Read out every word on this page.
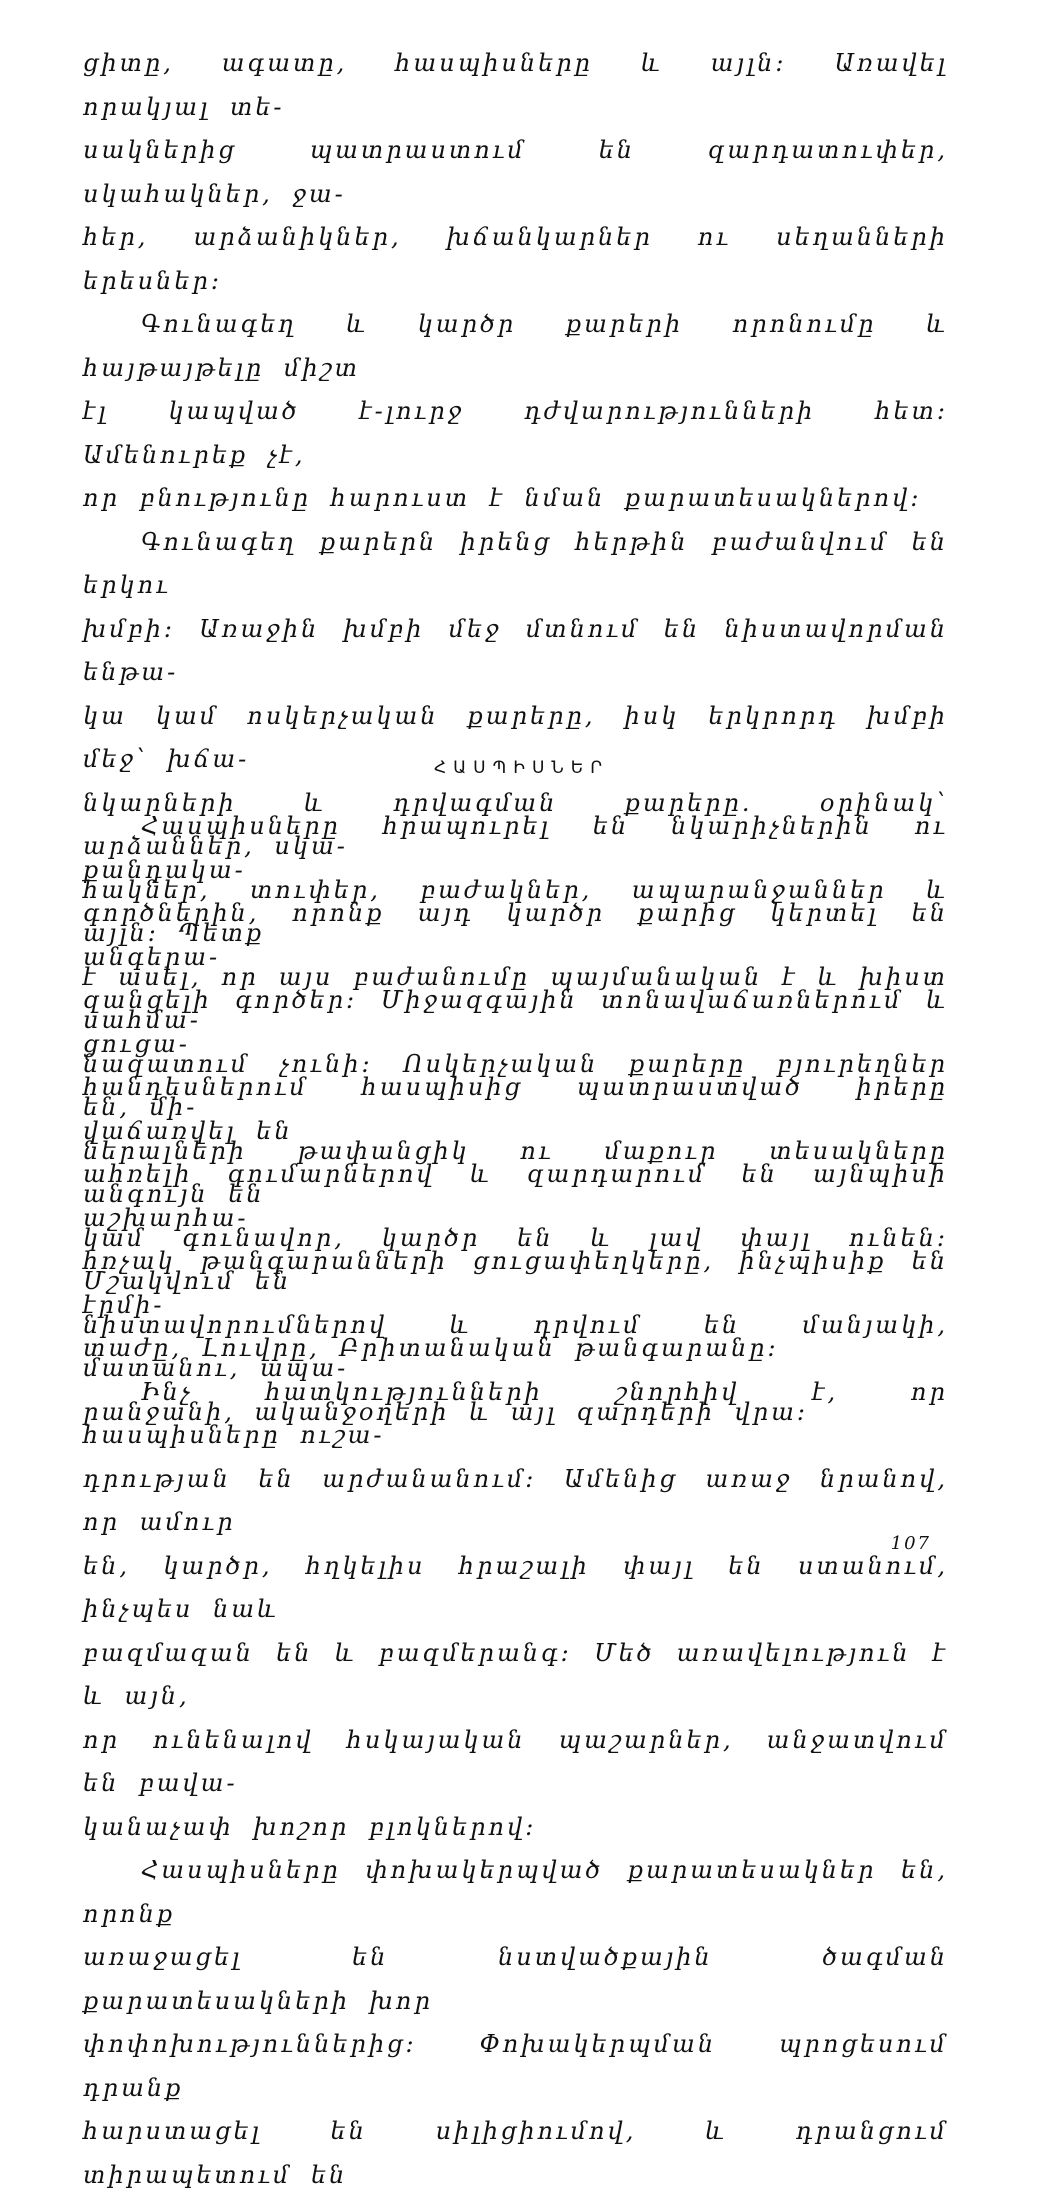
ցիտը, ագատը, հասպիսները և այլն։ Առավել որակյալ տե-
սակներից պատրաստում են զարդատուփեր, սկահակներ, ջա-
հեր, արձանիկներ, խճանկարներ ու սեղանների երեսներ։

Գունագեղ և կարծր քարերի որոնումը և հայթայթելը միշտ
էլ կապված է-լուրջ դժվարությունների հետ։ Ամենուրեք չէ,
որ բնությունը հարուստ է նման քարատեսակներով։

Գունագեղ քարերն իրենց հերթին բաժանվում են երկու
խմբի։ Առաջին խմբի մեջ մտնում են նիստավորման ենթա-
կա կամ ոսկերչական քարերը, իսկ երկրորդ խմբի մեջ՝ խճա-
նկարների և դրվագման քարերը. օրինակ՝ արձաններ, սկա-
հակներ, տուփեր, բաժակներ, ապարանջաններ և այլն։ Պետք
է ասել, որ այս բաժանումը պայմանական է և խիստ սահմա-
նազատում չունի։ Ոսկերչական քարերը բյուրեղներ են, մի-
ներալների թափանցիկ ու մաքուր տեսակները անգույն են
կամ գունավոր, կարծր են և լավ փայլ ունեն։ Մշակվում են
նիստավորումներով և դրվում են մանյակի, մատանու, ապա-
րանջանի, ականջօղերի և այլ զարդերի վրա։

ՀԱՍՊԻՍՆԵՐ

Հասպիսները հրապուրել են նկարիչներին ու քանդակա-
գործներին, որոնք այդ կարծր քարից կերտել են անգերա-
զանցելի գործեր։ Միջազգային տոնավաճառներում և ցուցա-
հանդեսներում հասպիսից պատրաստված իրերը վաճառվել են
ահռելի գումարներով և զարդարում են այնպիսի աշխարհա-
հռչակ թանգարանների ցուցափեղկերը, ինչպիսիք են էրմի-
տաժը, Լուվրը, Բրիտանական թանգարանը։

Ինչ հատկությունների շնորհիվ է, որ հասպիսները ուշա-
դրության են արժանանում։ Ամենից առաջ նրանով, որ ամուր
են, կարծր, հղկելիս հրաշալի փայլ են ստանում, ինչպես նաև
բազմազան են և բազմերանգ։ Մեծ առավելություն է և այն,
որ ունենալով հսկայական պաշարներ, անջատվում են բավա-
կանաչափ խոշոր բլոկներով։

Հասպիսները փոխակերպված քարատեսակներ են, որոնք
առաջացել են նստվածքային ծագման քարատեսակների խոր
փոփոխություններից։ Փոխակերպման պրոցեսում դրանք
հարստացել են սիլիցիումով, և դրանցում տիրապետում են

107
